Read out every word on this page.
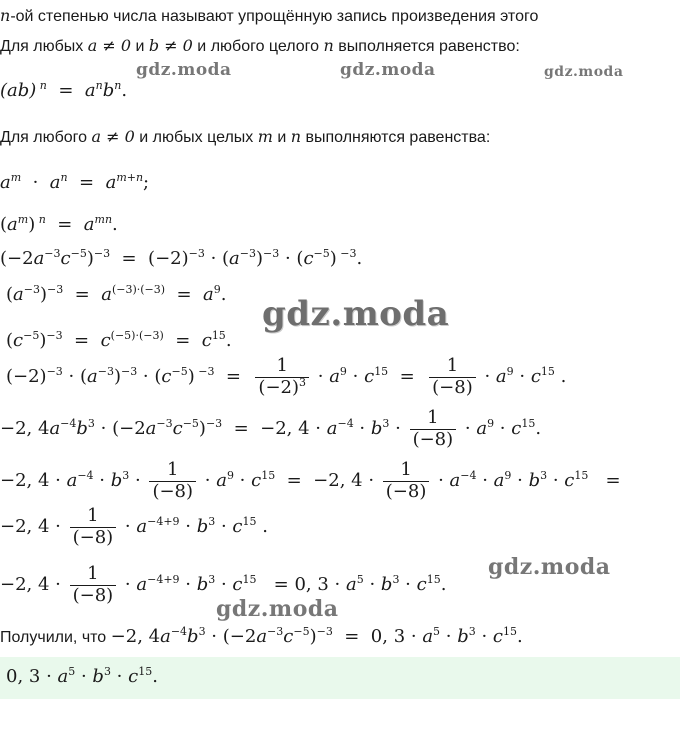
n-ой степенью числа называют упрощённую запись произведения этого
Для любых a ≠ 0 и b ≠ 0 и любого целого n выполняется равенство:
(ab) $^n = a^nb^n$.
Для любого a ≠ 0 и любых целых m и n выполняются равенства:
$a^m \cdot a^n = a^{m+n}$;
$(a^m) ^n = a^{mn}$.
$(-2a^{-3}c^{-5})^{-3} = (-2)^{-3} \cdot (a^{-3})^{-3} \cdot (c^{-5})$ $^{-3}$.
$(a^{-3})^{-3} = a^{(-3)\cdot(-3)} = a^9$.
$(c^{-5})^{-3} = c^{(-5)\cdot(-3)} = c^{15}$.
$(-2)^{-3} \cdot (a^{-3})^{-3} \cdot (c^{-5}) ^{-3} = \frac{1}{(-2)^3} \cdot a^9 \cdot c^{15} = \frac{1}{(-8)} \cdot a^9 \cdot c^{15}$ .
−2, $4a^{-4}b^3 \cdot (-2a^{-3}c^{-5})^{-3} = -2$, $4 \cdot a^{-4} \cdot b^3 \cdot \frac{1}{(-8)} \cdot a^9 \cdot c^{15}$.
−2, $4 \cdot a^{-4} \cdot b^3 \cdot \frac{1}{(-8)} \cdot a^9 \cdot c^{15} = -2$, $4 \cdot \frac{1}{(-8)} \cdot a^{-4} \cdot a^9 \cdot b^3 \cdot c^{15}$   =
−2, $4 \cdot \frac{1}{(-8)} \cdot a^{-4+9} \cdot b^3 \cdot c^{15}$ .
−2, $4 \cdot \frac{1}{(-8)} \cdot a^{-4+9} \cdot b^3 \cdot c^{15} = 0$, $3 \cdot a^5 \cdot b^3 \cdot c^{15}$.
Получили, что −2, $4a^{-4}b^3 \cdot (-2a^{-3}c^{-5})^{-3} = 0$, $3 \cdot a^5 \cdot b^3 \cdot c^{15}$.
0, $3 \cdot a^5 \cdot b^3 \cdot c^{15}$.
gdz.moda	gdz.moda	gdz.moda
gdz.moda
gdz.moda
gdz.moda
